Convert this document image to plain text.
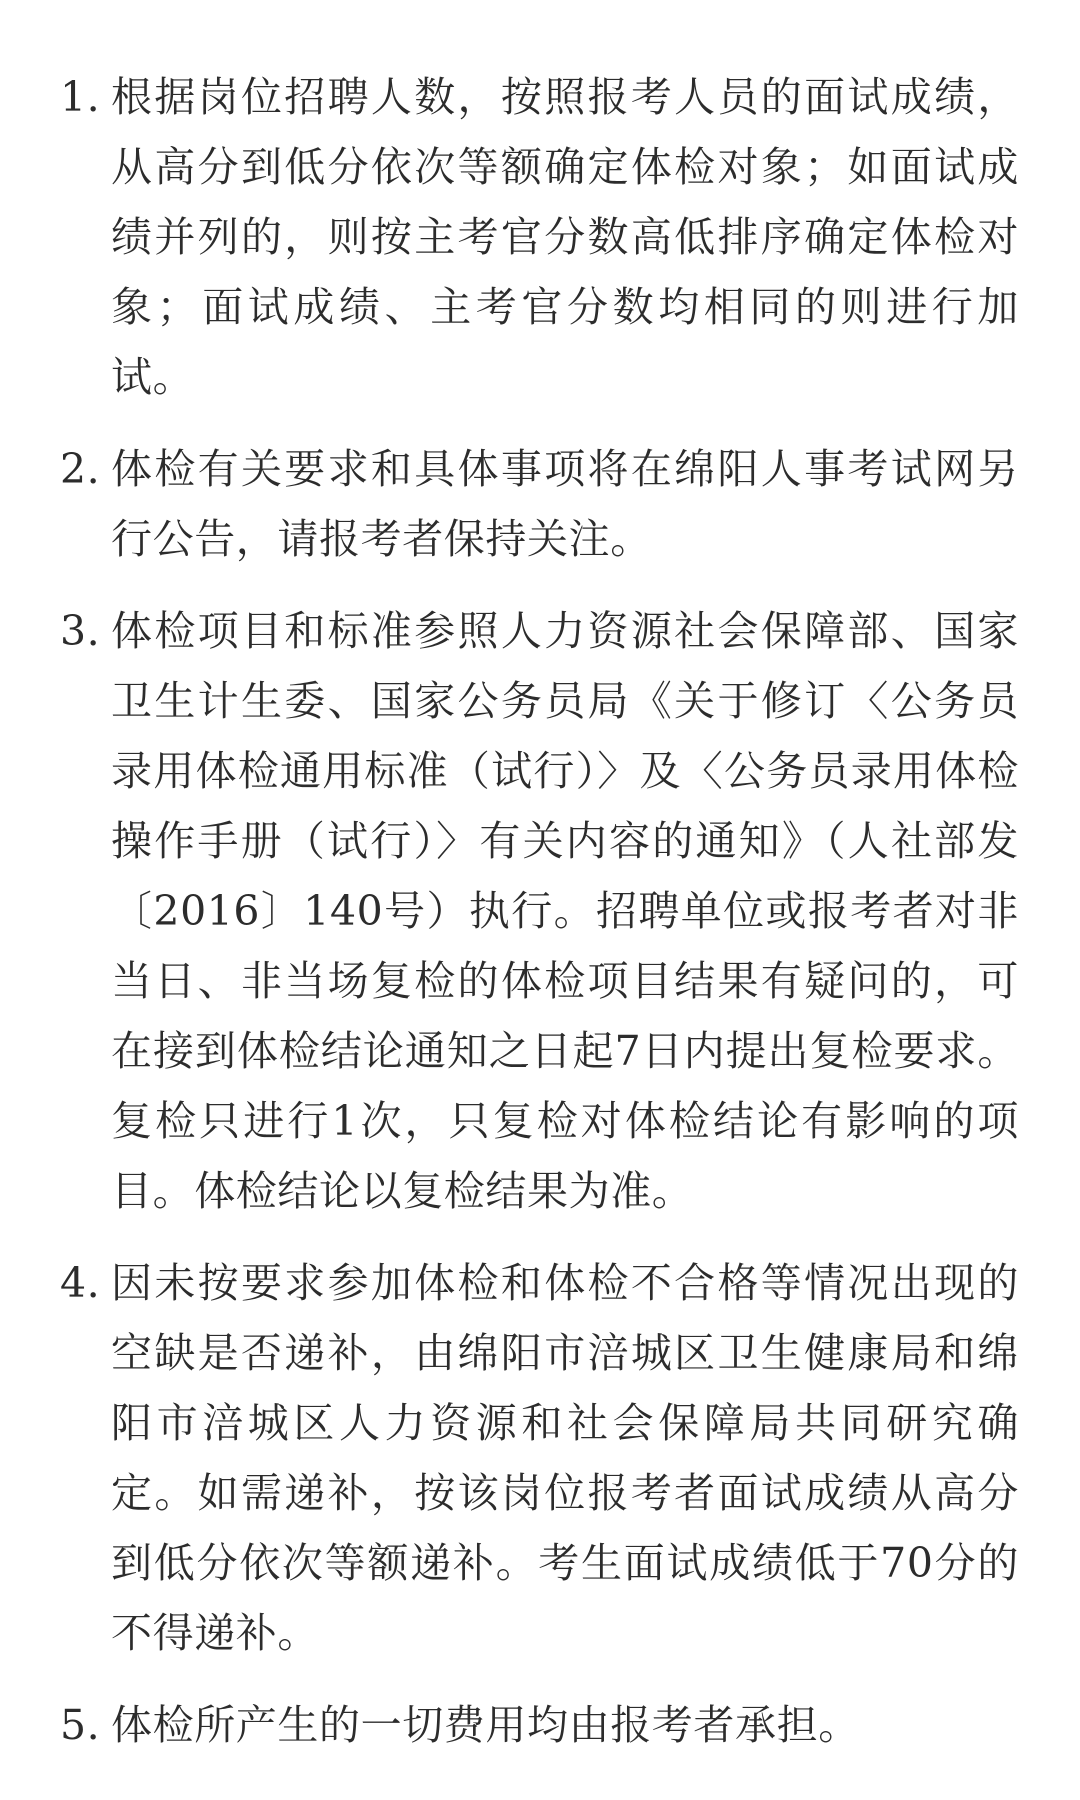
1. 根据岗位招聘人数，按照报考人员的面试成绩，从高分到低分依次等额确定体检对象；如面试成绩并列的，则按主考官分数高低排序确定体检对象；面试成绩、主考官分数均相同的则进行加试。
2. 体检有关要求和具体事项将在绵阳人事考试网另行公告，请报考者保持关注。
3. 体检项目和标准参照人力资源社会保障部、国家卫生计生委、国家公务员局《关于修订〈公务员录用体检通用标准（试行）〉及〈公务员录用体检操作手册（试行）〉有关内容的通知》（人社部发〔2016〕140号）执行。招聘单位或报考者对非当日、非当场复检的体检项目结果有疑问的，可在接到体检结论通知之日起7日内提出复检要求。复检只进行1次，只复检对体检结论有影响的项目。体检结论以复检结果为准。
4. 因未按要求参加体检和体检不合格等情况出现的空缺是否递补，由绵阳市涪城区卫生健康局和绵阳市涪城区人力资源和社会保障局共同研究确定。如需递补，按该岗位报考者面试成绩从高分到低分依次等额递补。考生面试成绩低于70分的不得递补。
5. 体检所产生的一切费用均由报考者承担。
